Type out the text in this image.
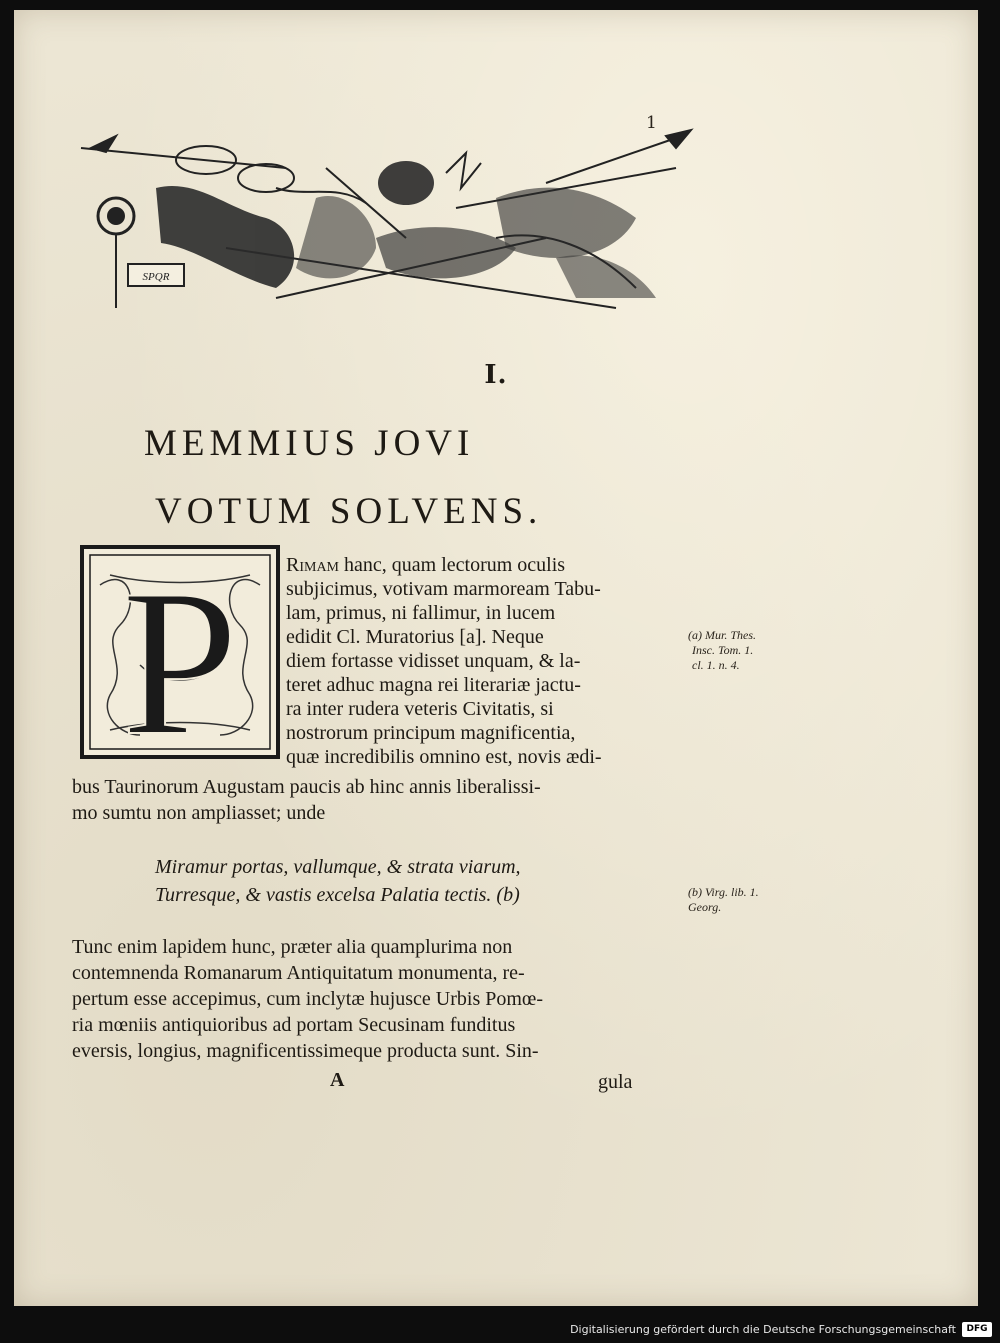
1
SPQR
I.
MEMMIUS JOVI
VOTUM SOLVENS.
P Rimam hanc, quam lectorum oculis
subjicimus, votivam marmoream Tabu-
lam, primus, ni fallimur, in lucem
edidit Cl. Muratorius [a]. Neque
diem fortasse vidisset unquam, & la-
teret adhuc magna rei literariæ jactu-
ra inter rudera veteris Civitatis, si
nostrorum principum magnificentia,
quæ incredibilis omnino est, novis ædi-
bus Taurinorum Augustam paucis ab hinc annis liberalissi-
mo sumtu non ampliasset; unde
Miramur portas, vallumque, & strata viarum,
Turresque, & vastis excelsa Palatia tectis. (b)
Tunc enim lapidem hunc, præter alia quamplurima non
contemnenda Romanarum Antiquitatum monumenta, re-
pertum esse accepimus, cum inclytæ hujusce Urbis Pomœ-
ria mœniis antiquioribus ad portam Secusinam funditus
eversis, longius, magnificentissimeque producta sunt. Sin-
A	gula
(a) Mur. Thes.
Insc. Tom. 1.
cl. 1. n. 4.
(b) Virg. lib. 1.
Georg.
Digitalisierung gefördert durch die Deutsche Forschungsgemeinschaft	DFG
